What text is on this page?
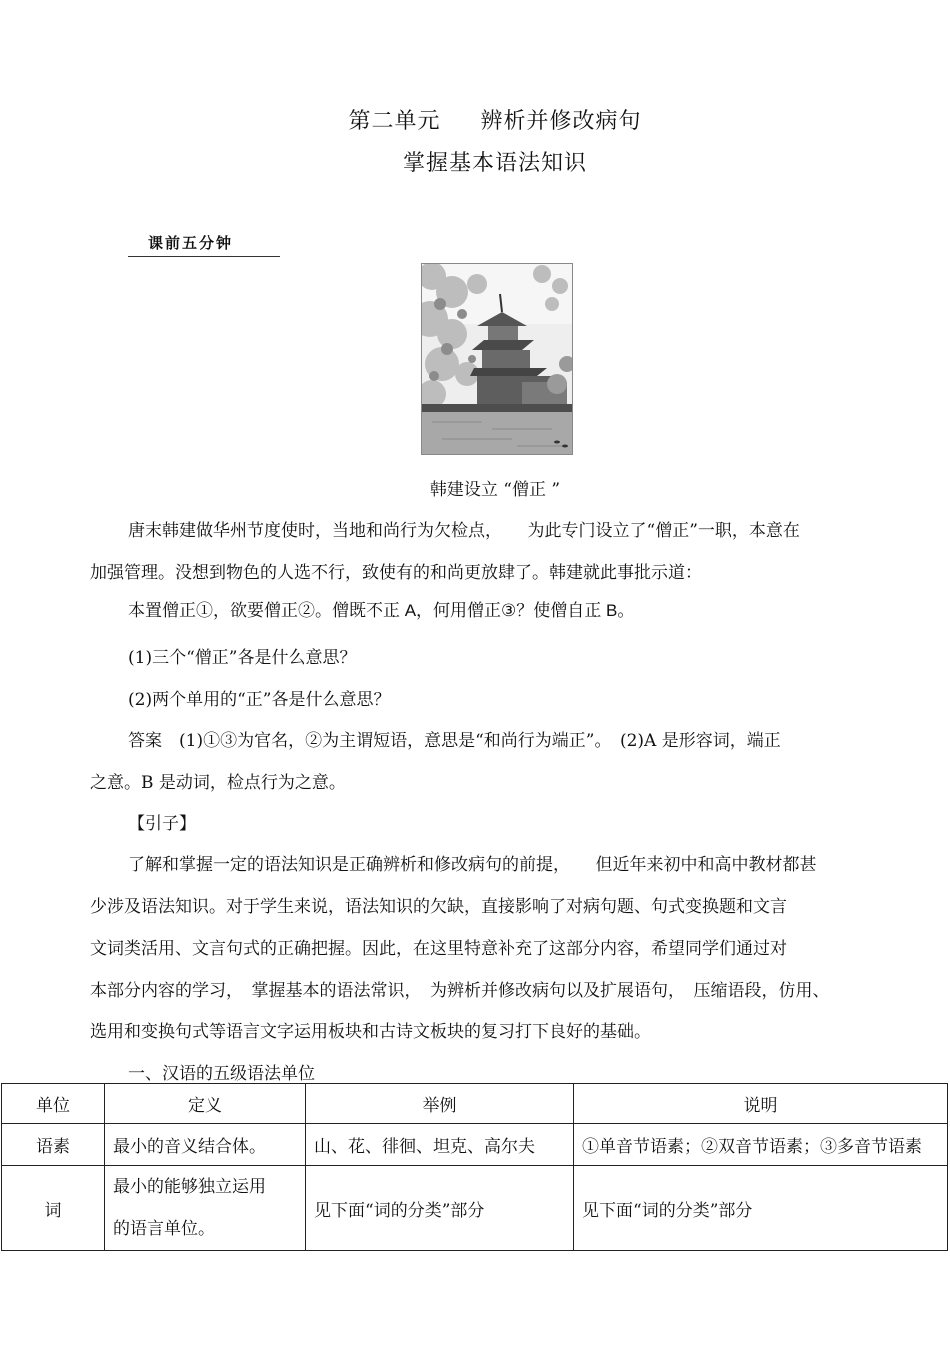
第二单元 辨析并修改病句
掌握基本语法知识
课前五分钟
韩建设立 “僧正 ”
唐末韩建做华州节度使时，当地和尚行为欠检点，　　为此专门设立了“僧正”一职，本意在
加强管理。没想到物色的人选不行，致使有的和尚更放肆了。韩建就此事批示道：
本置僧正①，欲要僧正②。僧既不正 . A，何用僧正③？使僧自正 . B。
(1)三个“僧正”各是什么意思？
(2)两个单用的“正”各是什么意思？
答案　(1)①③为官名，②为主谓短语，意思是“和尚行为端正”。　(2)A 是形容词，端正
之意。B 是动词，检点行为之意。
【引子】
了解和掌握一定的语法知识是正确辨析和修改病句的前提，　　但近年来初中和高中教材都甚
少涉及语法知识。对于学生来说，语法知识的欠缺，直接影响了对病句题、句式变换题和文言
文词类活用、文言句式的正确把握。因此，在这里特意补充了这部分内容，希望同学们通过对
本部分内容的学习，　掌握基本的语法常识，　为辨析并修改病句以及扩展语句，　压缩语段，仿用、
选用和变换句式等语言文字运用板块和古诗文板块的复习打下良好的基础。
一、汉语的五级语法单位
单位	定义	举例	说明
语素	最小的音义结合体。	山、花、徘徊、坦克、高尔夫	①单音节语素；②双音节语素；③多音节语素
词	最小的能够独立运用
的语言单位。	见下面“词的分类”部分	见下面“词的分类”部分
